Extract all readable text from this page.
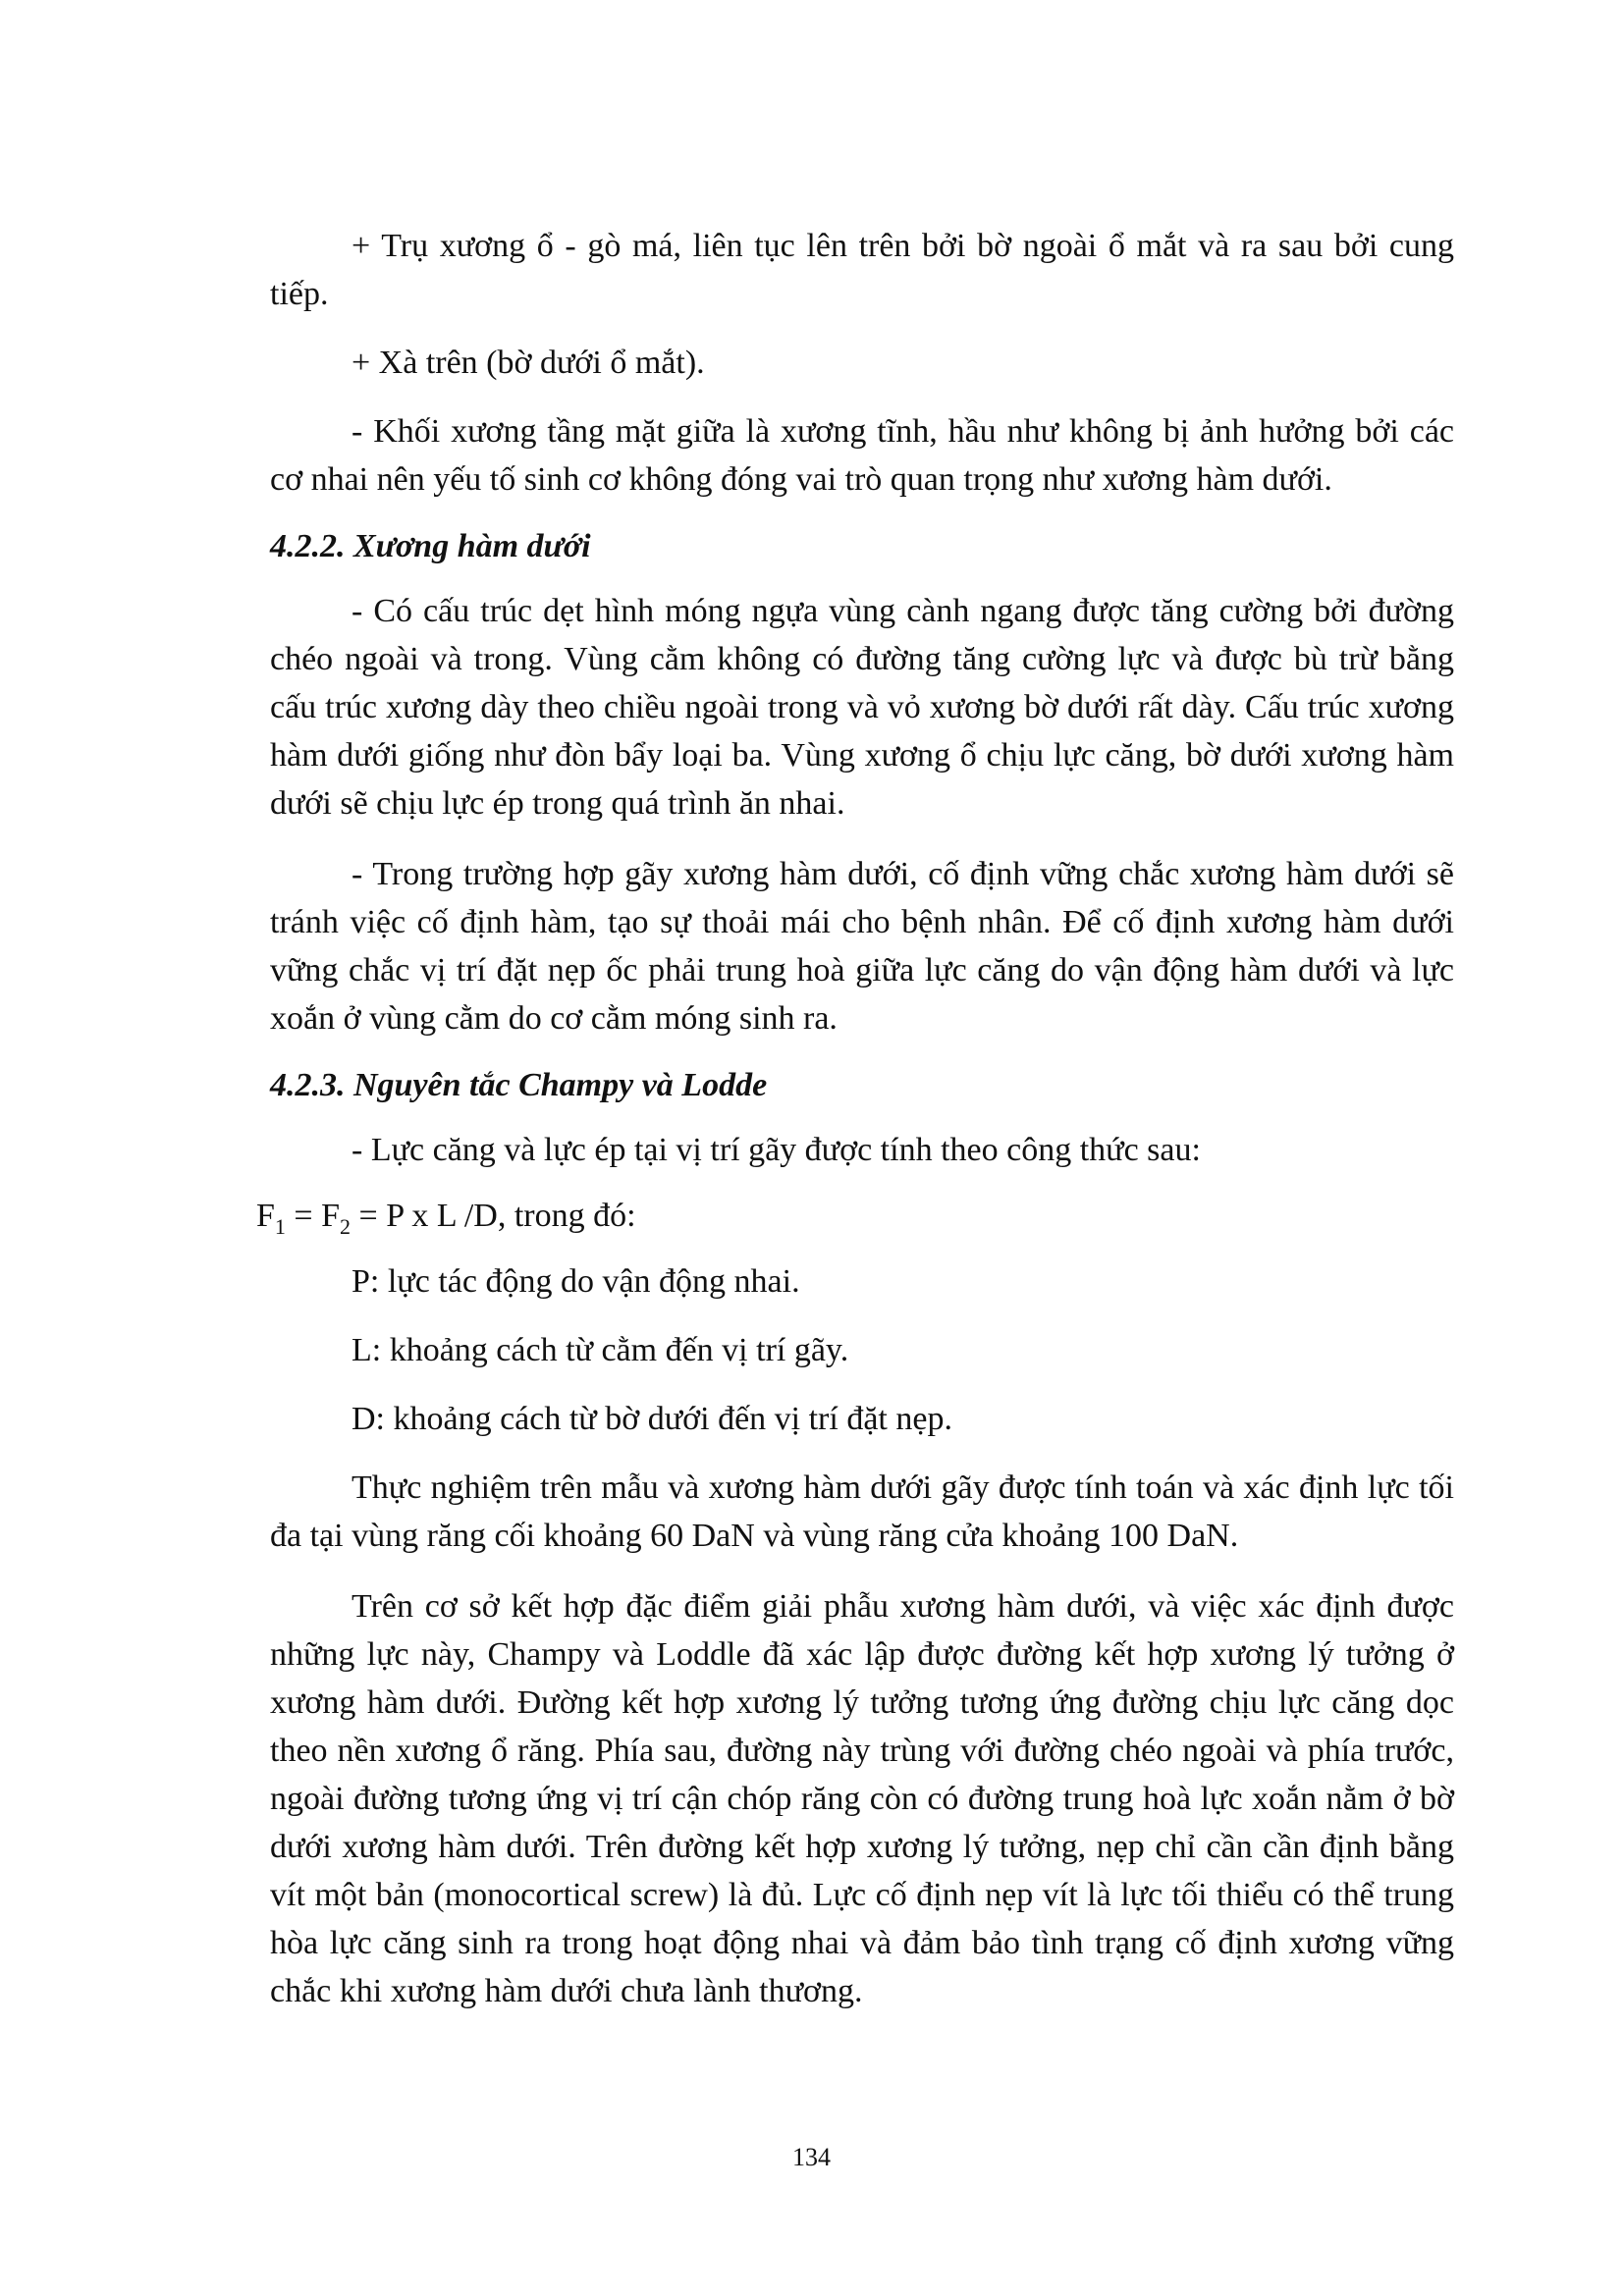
+ Trụ xương ổ - gò má, liên tục lên trên bởi bờ ngoài ổ mắt và ra sau bởi cung tiếp.

+ Xà trên (bờ dưới ổ mắt).

- Khối xương tầng mặt giữa là xương tĩnh, hầu như không bị ảnh hưởng bởi các cơ nhai nên yếu tố sinh cơ không đóng vai trò quan trọng như xương hàm dưới.

4.2.2. Xương hàm dưới

- Có cấu trúc dẹt hình móng ngựa vùng cành ngang được tăng cường bởi đường chéo ngoài và trong. Vùng cằm không có đường tăng cường lực và được bù trừ bằng cấu trúc xương dày theo chiều ngoài trong và vỏ xương bờ dưới rất dày. Cấu trúc xương hàm dưới giống như đòn bẩy loại ba. Vùng xương ổ chịu lực căng, bờ dưới xương hàm dưới sẽ chịu lực ép trong quá trình ăn nhai.

- Trong trường hợp gãy xương hàm dưới, cố định vững chắc xương hàm dưới sẽ tránh việc cố định hàm, tạo sự thoải mái cho bệnh nhân. Để cố định xương hàm dưới vững chắc vị trí đặt nẹp ốc phải trung hoà giữa lực căng do vận động hàm dưới và lực xoắn ở vùng cằm do cơ cằm móng sinh ra.

4.2.3. Nguyên tắc Champy và Lodde

- Lực căng và lực ép tại vị trí gãy được tính theo công thức sau:

$F_1 = F_2 = P$ x L /D, trong đó:

P: lực tác động do vận động nhai.

L: khoảng cách từ cằm đến vị trí gãy.

D: khoảng cách từ bờ dưới đến vị trí đặt nẹp.

Thực nghiệm trên mẫu và xương hàm dưới gãy được tính toán và xác định lực tối đa tại vùng răng cối khoảng 60 DaN và vùng răng cửa khoảng 100 DaN.

Trên cơ sở kết hợp đặc điểm giải phẫu xương hàm dưới, và việc xác định được những lực này, Champy và Loddle đã xác lập được đường kết hợp xương lý tưởng ở xương hàm dưới. Đường kết hợp xương lý tưởng tương ứng đường chịu lực căng dọc theo nền xương ổ răng. Phía sau, đường này trùng với đường chéo ngoài và phía trước, ngoài đường tương ứng vị trí cận chóp răng còn có đường trung hoà lực xoắn nằm ở bờ dưới xương hàm dưới. Trên đường kết hợp xương lý tưởng, nẹp chỉ cần cần định bằng vít một bản (monocortical screw) là đủ. Lực cố định nẹp vít là lực tối thiểu có thể trung hòa lực căng sinh ra trong hoạt động nhai và đảm bảo tình trạng cố định xương vững chắc khi xương hàm dưới chưa lành thương.

134
